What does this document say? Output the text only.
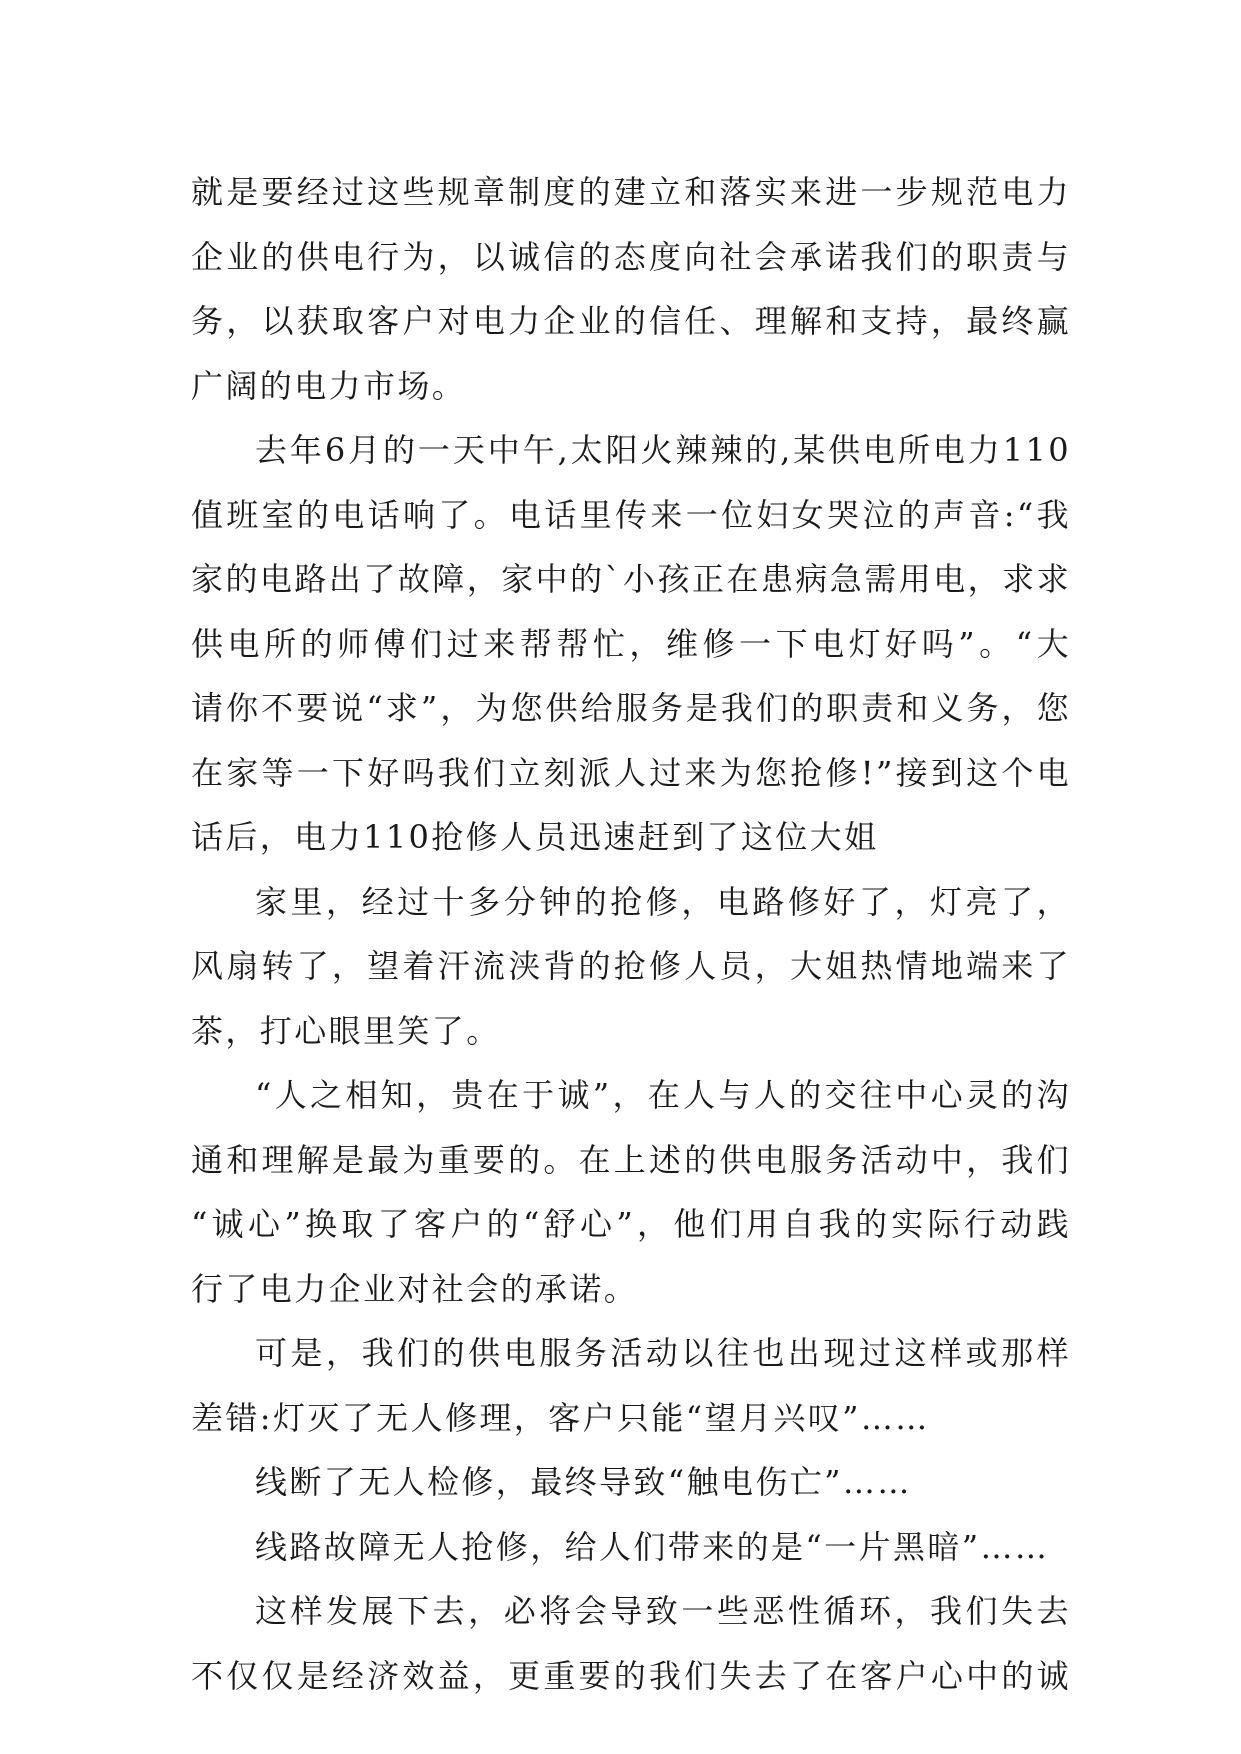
就是要经过这些规章制度的建立和落实来进一步规范电力
企业的供电行为，以诚信的态度向社会承诺我们的职责与
务，以获取客户对电力企业的信任、理解和支持，最终赢
广阔的电力市场。
去年6月的一天中午,太阳火辣辣的,某供电所电力110
值班室的电话响了。电话里传来一位妇女哭泣的声音:“我
家的电路出了故障，家中的`小孩正在患病急需用电，求求
供电所的师傅们过来帮帮忙，维修一下电灯好吗”。“大
请你不要说“求”，为您供给服务是我们的职责和义务，您
在家等一下好吗我们立刻派人过来为您抢修!”接到这个电
话后，电力110抢修人员迅速赶到了这位大姐
家里，经过十多分钟的抢修，电路修好了，灯亮了，
风扇转了，望着汗流浃背的抢修人员，大姐热情地端来了
茶，打心眼里笑了。
“人之相知，贵在于诚”，在人与人的交往中心灵的沟
通和理解是最为重要的。在上述的供电服务活动中，我们
“诚心”换取了客户的“舒心”，他们用自我的实际行动践
行了电力企业对社会的承诺。
可是，我们的供电服务活动以往也出现过这样或那样
差错:灯灭了无人修理，客户只能“望月兴叹”……
线断了无人检修，最终导致“触电伤亡”……
线路故障无人抢修，给人们带来的是“一片黑暗”……
这样发展下去，必将会导致一些恶性循环，我们失去
不仅仅是经济效益，更重要的我们失去了在客户心中的诚
